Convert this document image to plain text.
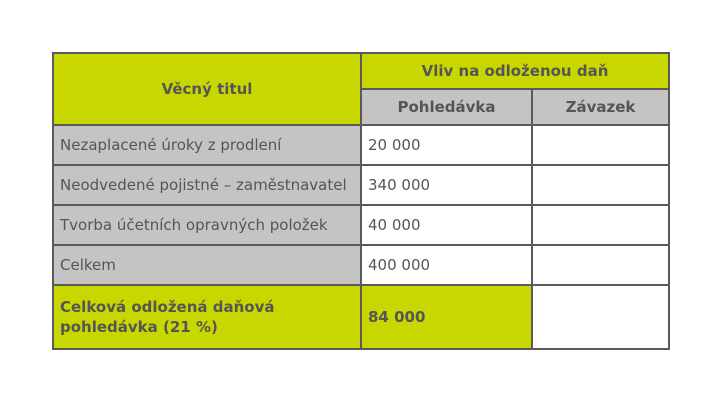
Věcný titul	Vliv na odloženou daň	
	Pohledávka	Závazek
Nezaplacené úroky z prodlení	20 000	
Neodvedené pojistné – zaměstnavatel	340 000	
Tvorba účetních opravných položek	40 000	
Celkem	400 000	
Celková odložená daňová pohledávka (21 %)	84 000	
